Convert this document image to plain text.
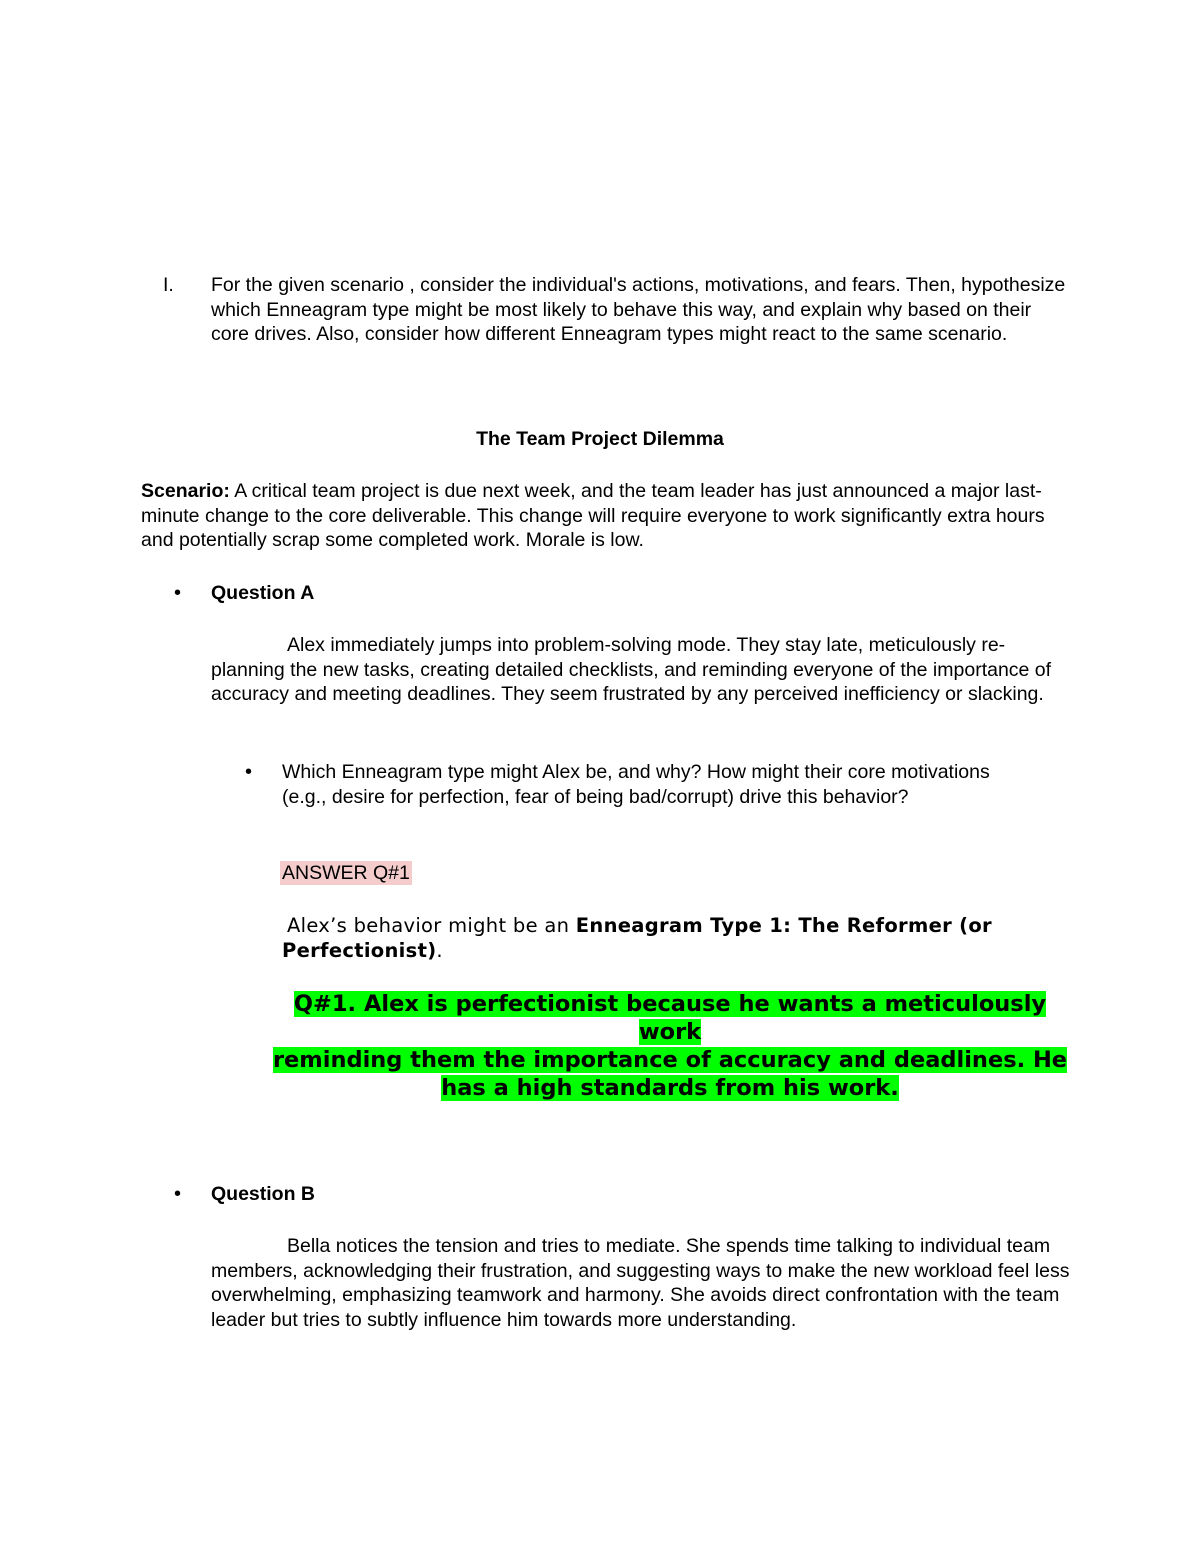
I. For the given scenario , consider the individual's actions, motivations, and fears. Then, hypothesize which Enneagram type might be most likely to behave this way, and explain why based on their core drives. Also, consider how different Enneagram types might react to the same scenario.

The Team Project Dilemma

Scenario: A critical team project is due next week, and the team leader has just announced a major last-minute change to the core deliverable. This change will require everyone to work significantly extra hours and potentially scrap some completed work. Morale is low.

• Question A

Alex immediately jumps into problem-solving mode. They stay late, meticulously re-planning the new tasks, creating detailed checklists, and reminding everyone of the importance of accuracy and meeting deadlines. They seem frustrated by any perceived inefficiency or slacking.

• Which Enneagram type might Alex be, and why? How might their core motivations (e.g., desire for perfection, fear of being bad/corrupt) drive this behavior?

ANSWER Q#1

Alex’s behavior might be an Enneagram Type 1: The Reformer (or Perfectionist).

Q#1. Alex is perfectionist because he wants a meticulously work
reminding them the importance of accuracy and deadlines. He
has a high standards from his work.
• Question B

Bella notices the tension and tries to mediate. She spends time talking to individual team members, acknowledging their frustration, and suggesting ways to make the new workload feel less overwhelming, emphasizing teamwork and harmony. She avoids direct confrontation with the team leader but tries to subtly influence him towards more understanding.
